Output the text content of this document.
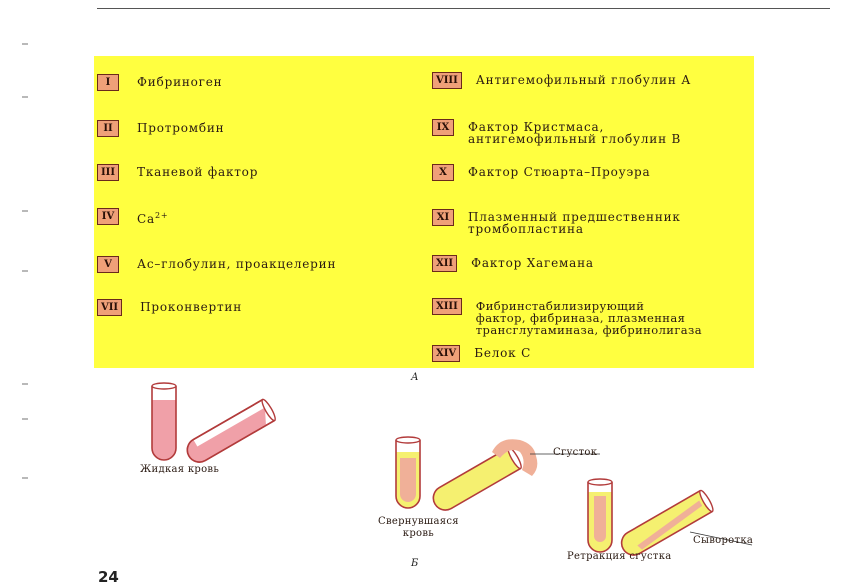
I	Фибриноген
II	Протромбин
III	Тканевой фактор
IV	$Са^{2+}$
V	Ас–глобулин, проакцелерин
VII	Проконвертин
VIII	Антигемофильный глобулин А
IX	Фактор Кристмаса,
антигемофильный глобулин В
X	Фактор Стюарта–Проуэра
XI	Плазменный предшественник
тромбопластина
XII	Фактор Хагемана
XIII	Фибринстабилизирующий
фактор, фибриназа, плазменная
трансглутаминаза, фибринолигаза
XIV	Белок С
А
Жидкая кровь
Сгусток
Свернувшаяся
кровь
Сыворотка
Ретракция сгустка
Б
24
